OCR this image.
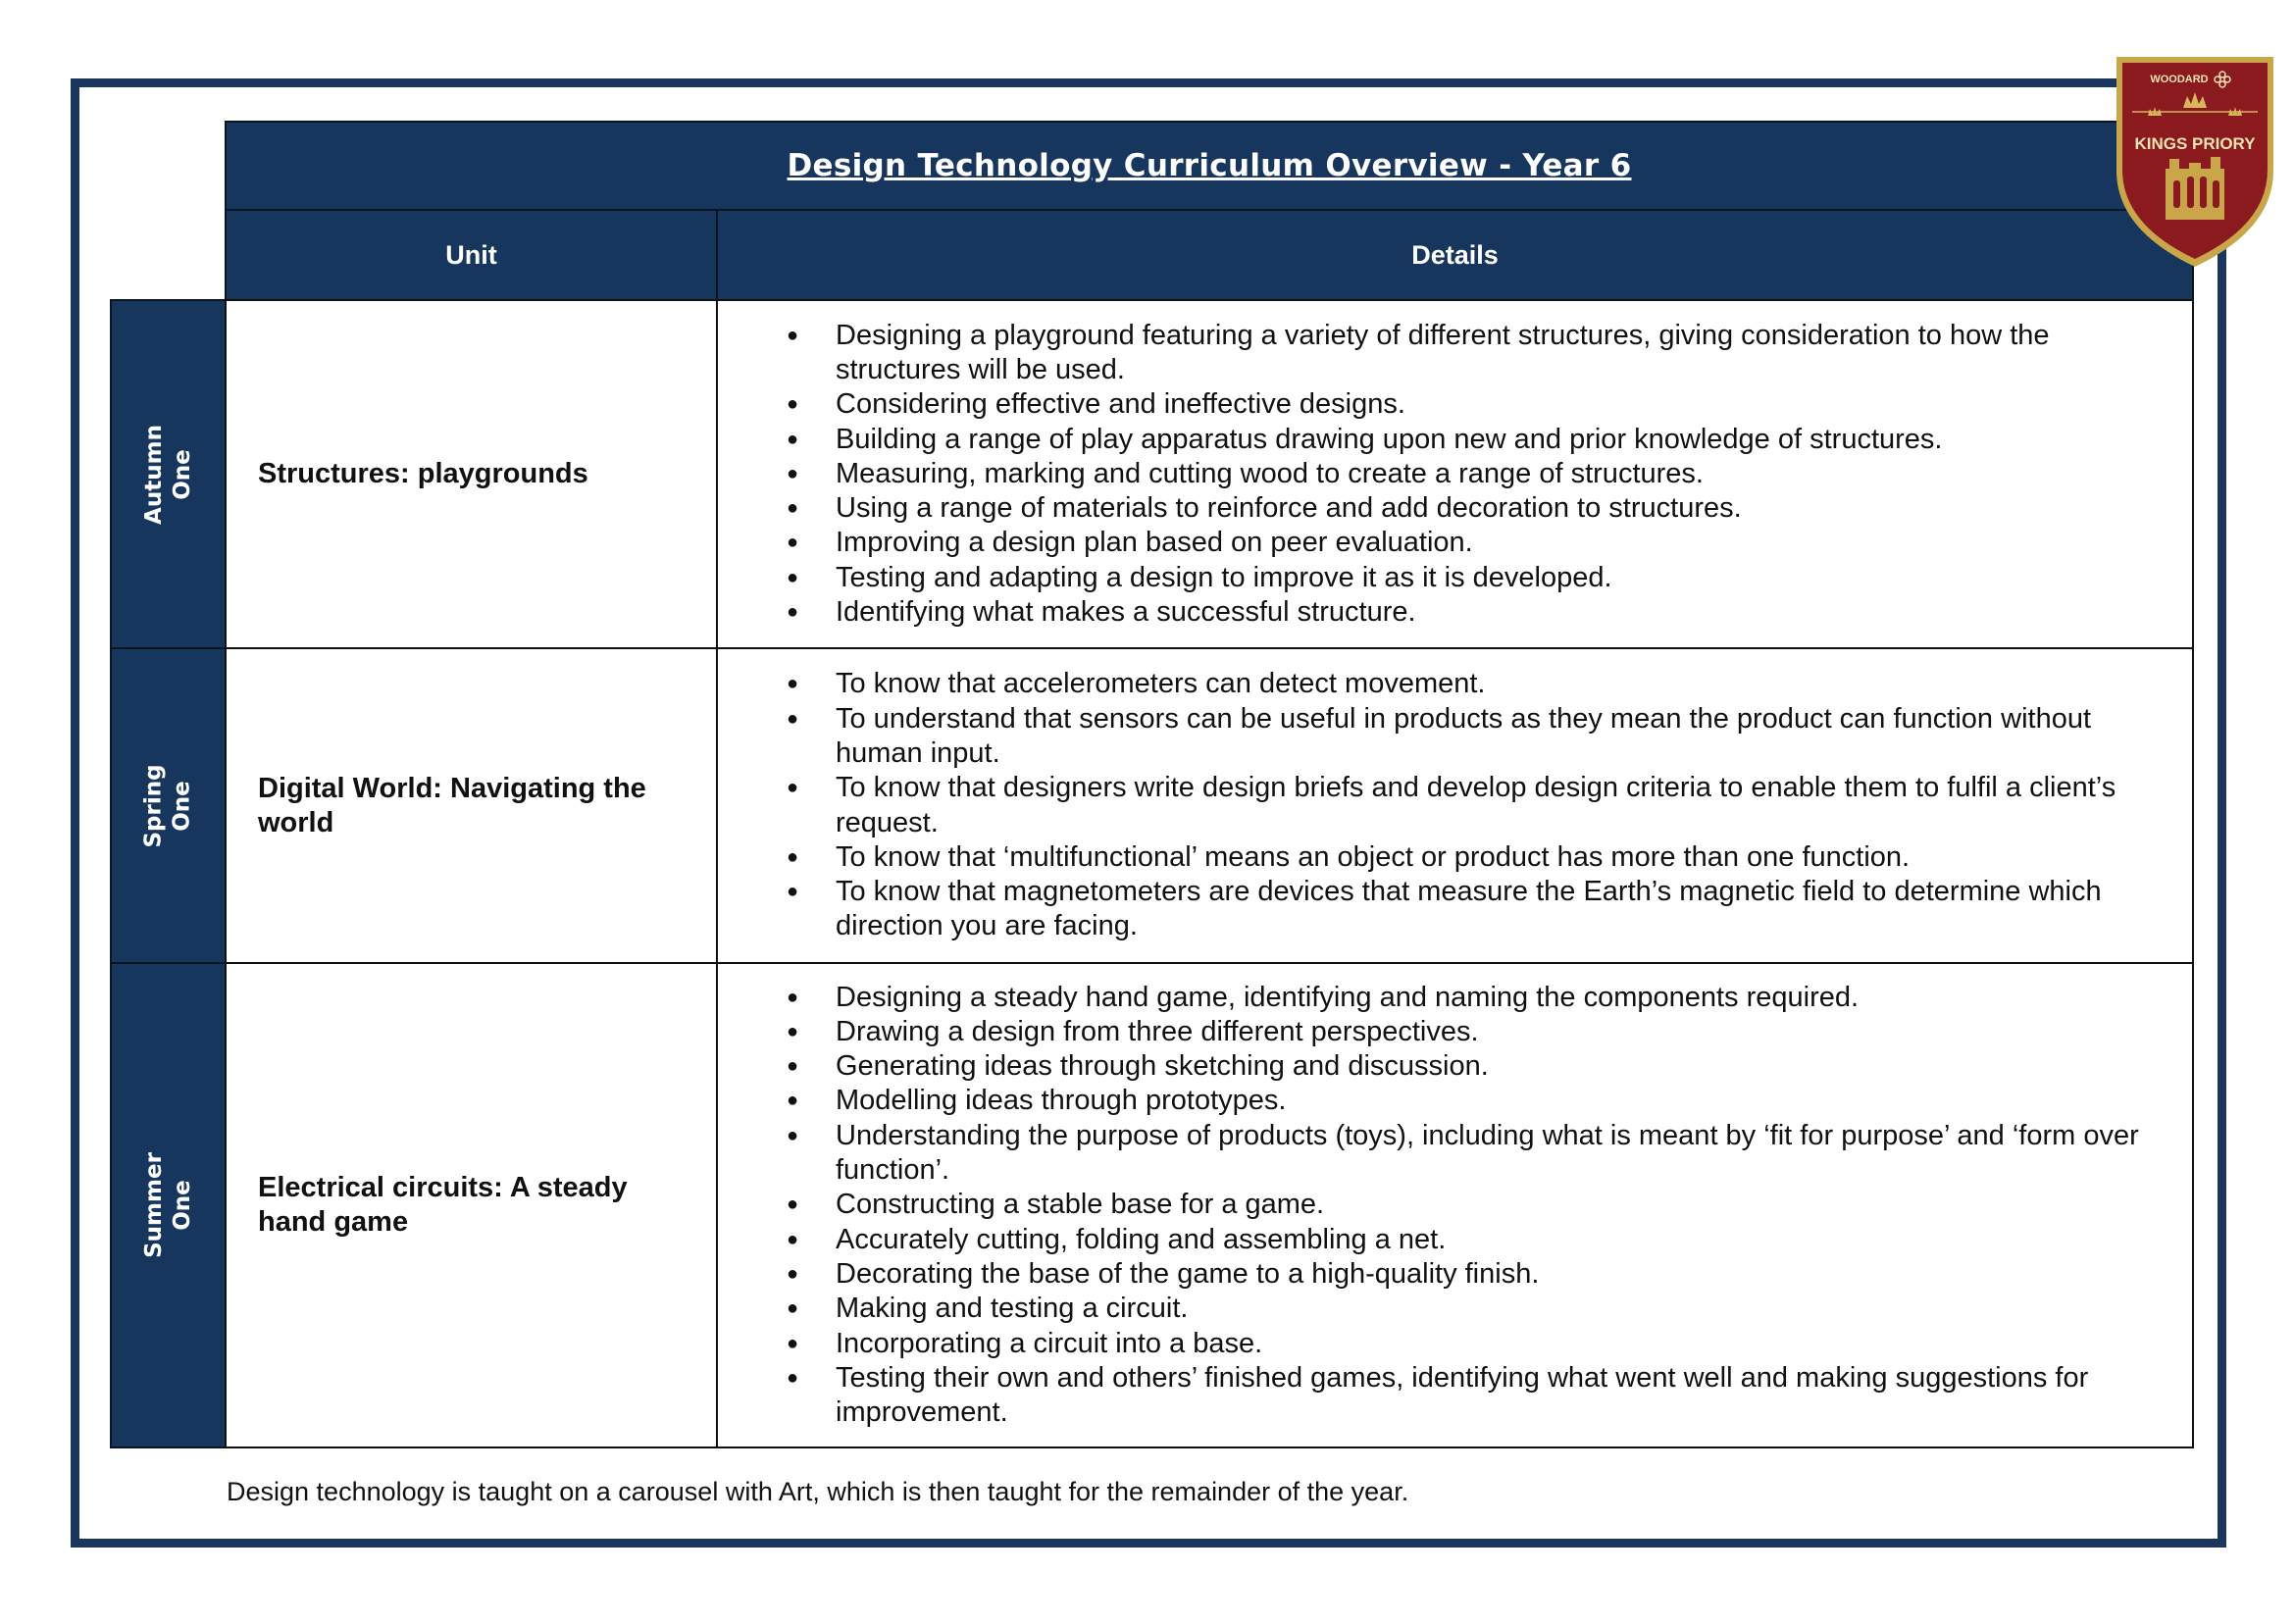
Design Technology Curriculum Overview - Year 6
Unit	Details
Autumn One Structures: playgrounds
● Designing a playground featuring a variety of different structures, giving consideration to how the structures will be used.
● Considering effective and ineffective designs.
● Building a range of play apparatus drawing upon new and prior knowledge of structures.
● Measuring, marking and cutting wood to create a range of structures.
● Using a range of materials to reinforce and add decoration to structures.
● Improving a design plan based on peer evaluation.
● Testing and adapting a design to improve it as it is developed.
● Identifying what makes a successful structure.
Spring One Digital World: Navigating the world
● To know that accelerometers can detect movement.
● To understand that sensors can be useful in products as they mean the product can function without human input.
● To know that designers write design briefs and develop design criteria to enable them to fulfil a client’s request.
● To know that ‘multifunctional’ means an object or product has more than one function.
● To know that magnetometers are devices that measure the Earth’s magnetic field to determine which direction you are facing.
Summer One Electrical circuits: A steady hand game
● Designing a steady hand game, identifying and naming the components required.
● Drawing a design from three different perspectives.
● Generating ideas through sketching and discussion.
● Modelling ideas through prototypes.
● Understanding the purpose of products (toys), including what is meant by ‘fit for purpose’ and ‘form over function’.
● Constructing a stable base for a game.
● Accurately cutting, folding and assembling a net.
● Decorating the base of the game to a high-quality finish.
● Making and testing a circuit.
● Incorporating a circuit into a base.
● Testing their own and others’ finished games, identifying what went well and making suggestions for improvement.
Design technology is taught on a carousel with Art, which is then taught for the remainder of the year.
WOODARD
KINGS PRIORY
